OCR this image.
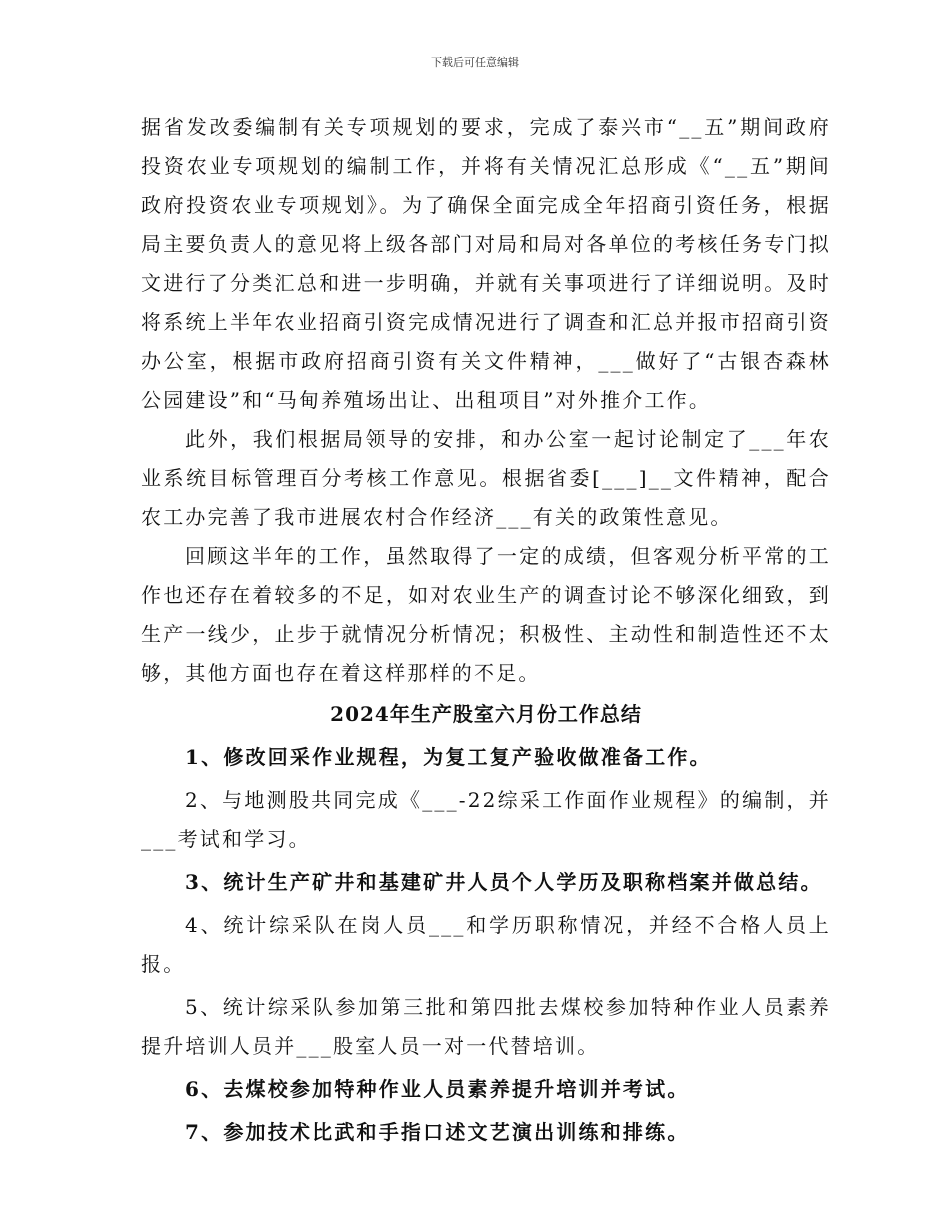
下载后可任意编辑

据省发改委编制有关专项规划的要求，完成了泰兴市“__五”期间政府投资农业专项规划的编制工作，并将有关情况汇总形成《“__五”期间政府投资农业专项规划》。为了确保全面完成全年招商引资任务，根据局主要负责人的意见将上级各部门对局和局对各单位的考核任务专门拟文进行了分类汇总和进一步明确，并就有关事项进行了详细说明。及时将系统上半年农业招商引资完成情况进行了调查和汇总并报市招商引资办公室，根据市政府招商引资有关文件精神，___做好了“古银杏森林公园建设”和“马甸养殖场出让、出租项目”对外推介工作。

此外，我们根据局领导的安排，和办公室一起讨论制定了___年农业系统目标管理百分考核工作意见。根据省委[___]__文件精神，配合农工办完善了我市进展农村合作经济___有关的政策性意见。

回顾这半年的工作，虽然取得了一定的成绩，但客观分析平常的工作也还存在着较多的不足，如对农业生产的调查讨论不够深化细致，到生产一线少，止步于就情况分析情况；积极性、主动性和制造性还不太够，其他方面也存在着这样那样的不足。

2024年生产股室六月份工作总结

1、修改回采作业规程，为复工复产验收做准备工作。

2、与地测股共同完成《___-22综采工作面作业规程》的编制，并___考试和学习。

3、统计生产矿井和基建矿井人员个人学历及职称档案并做总结。

4、统计综采队在岗人员___和学历职称情况，并经不合格人员上报。

5、统计综采队参加第三批和第四批去煤校参加特种作业人员素养提升培训人员并___股室人员一对一代替培训。

6、去煤校参加特种作业人员素养提升培训并考试。

7、参加技术比武和手指口述文艺演出训练和排练。
